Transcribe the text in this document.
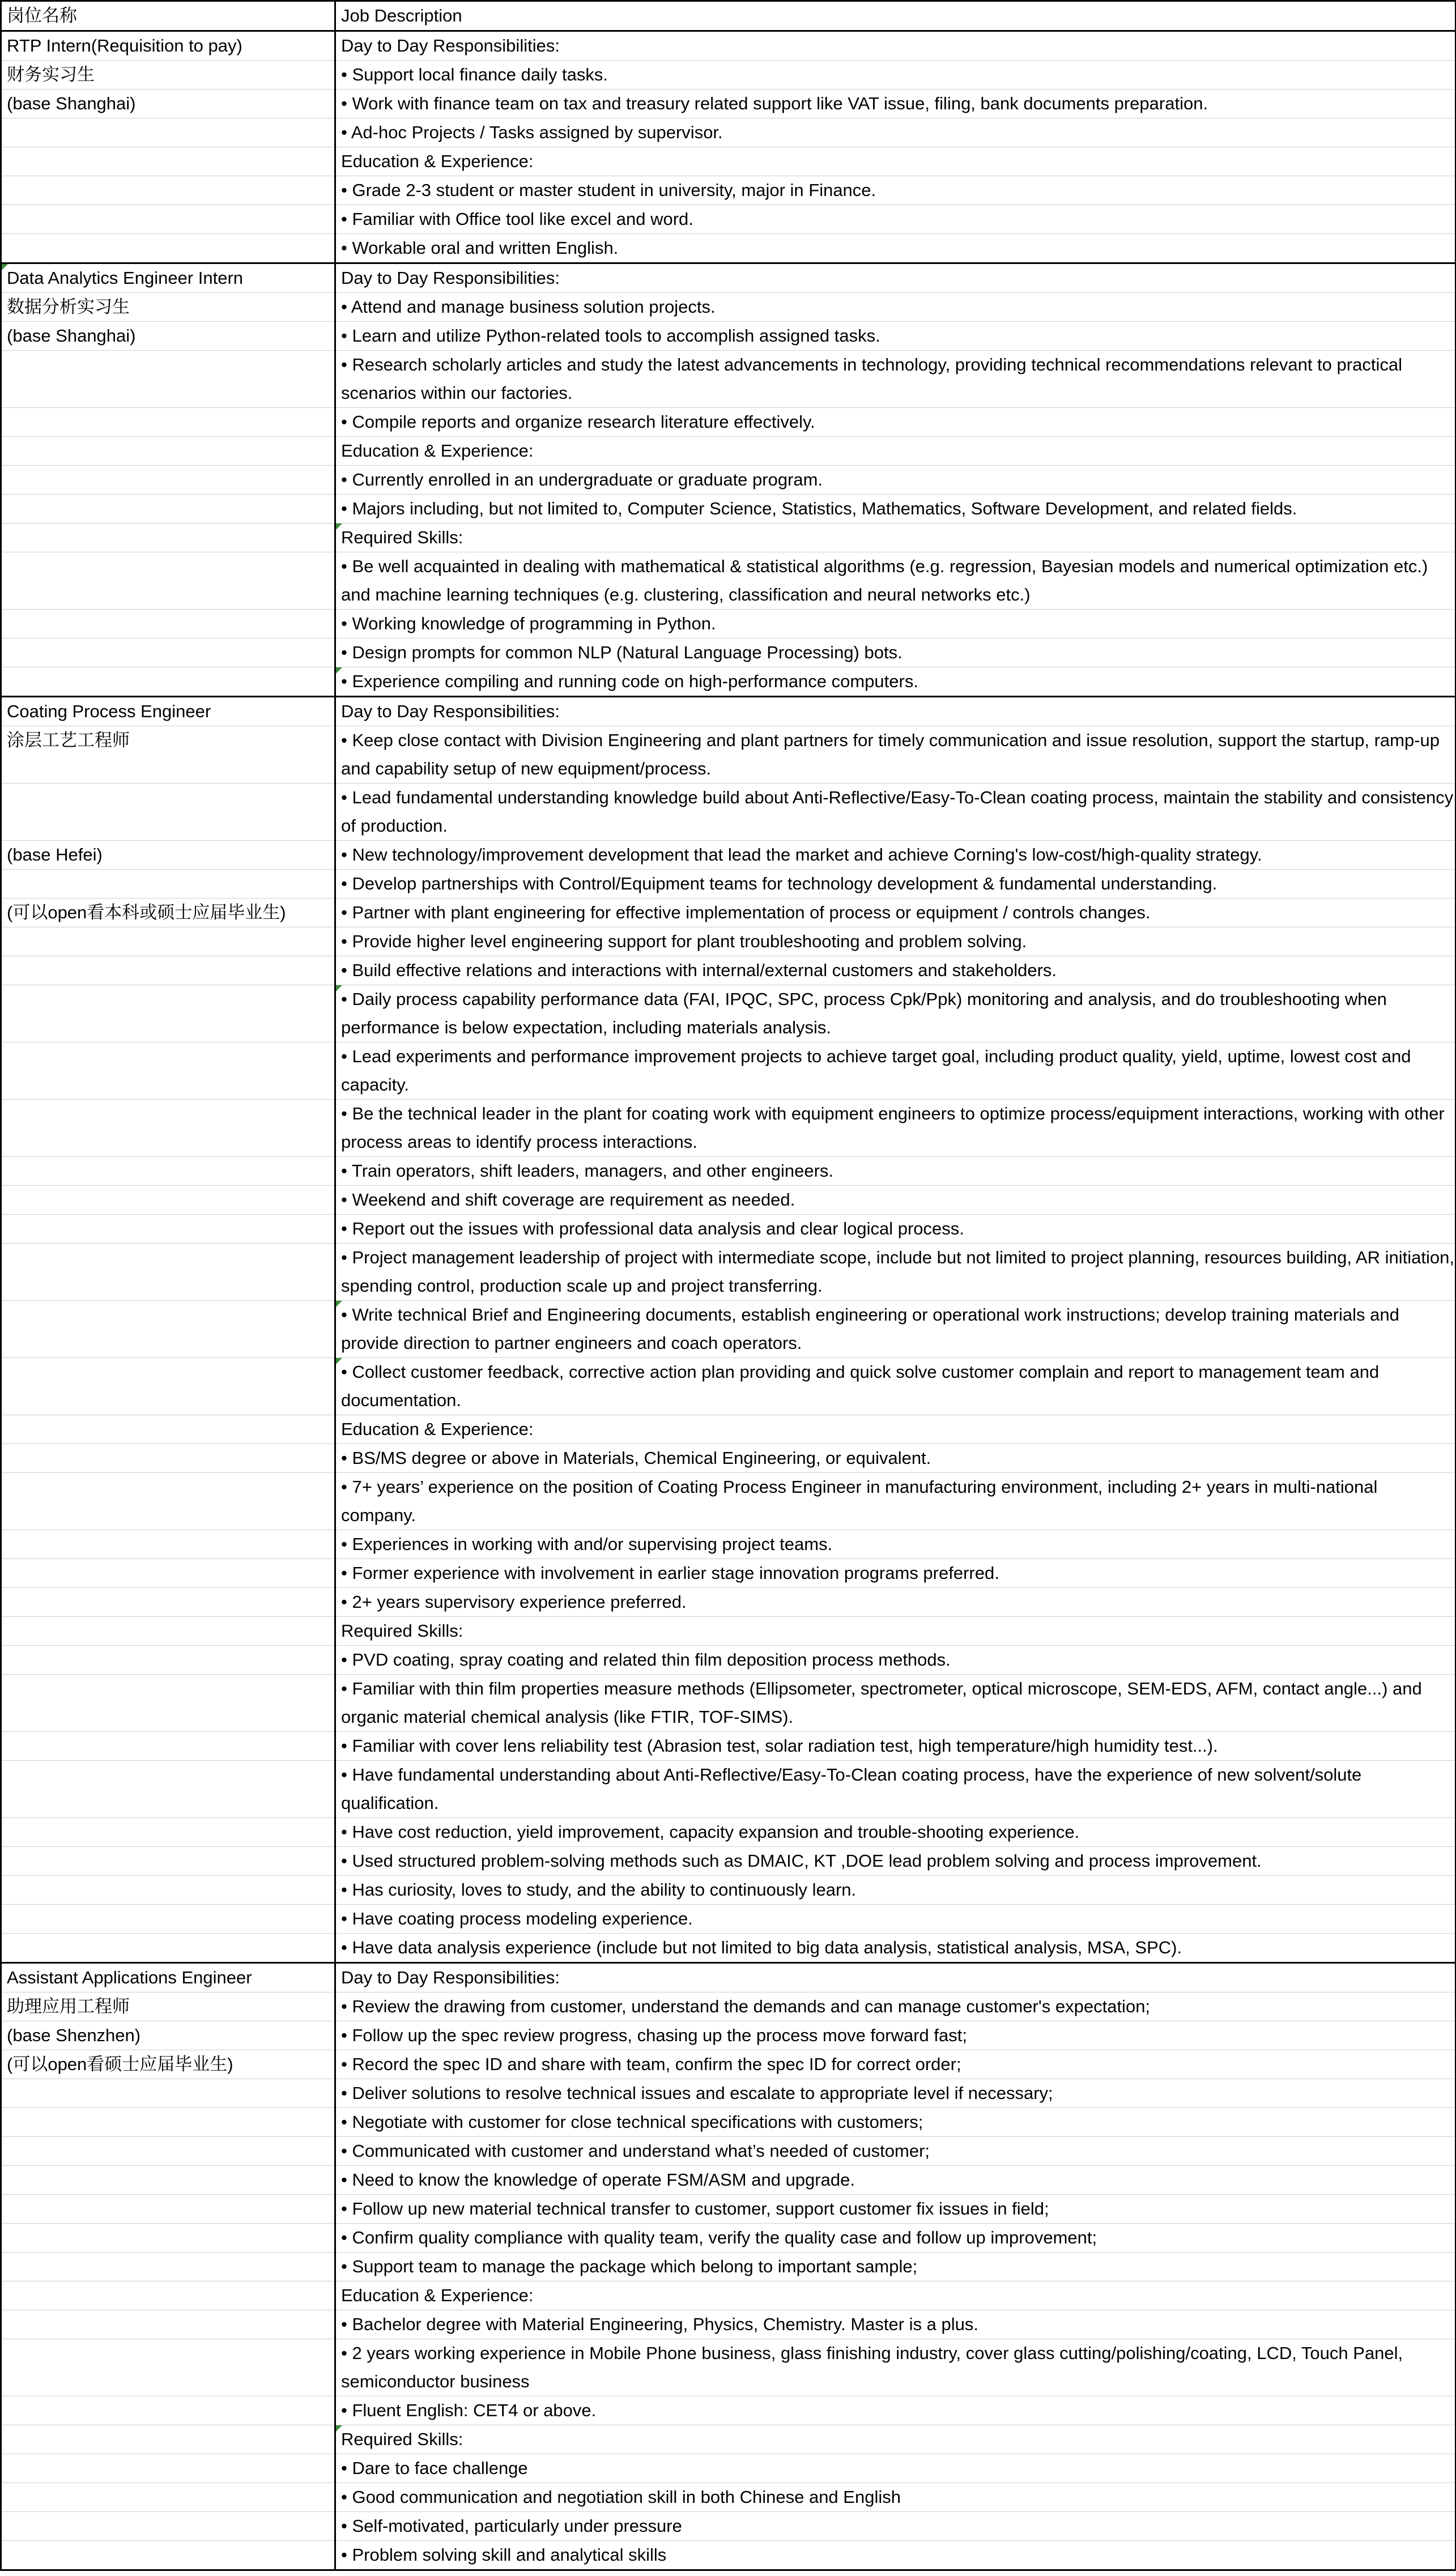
岗位名称	Job Description
RTP Intern(Requisition to pay)	Day to Day Responsibilities:
财务实习生	• Support local finance daily tasks.
(base Shanghai)	• Work with finance team on tax and treasury related support like VAT issue, filing, bank documents preparation.
	• Ad-hoc Projects / Tasks assigned by supervisor.
	Education & Experience:
	• Grade 2-3 student or master student in university, major in Finance.
	• Familiar with Office tool like excel and word.
	• Workable oral and written English.
Data Analytics Engineer Intern	Day to Day Responsibilities:
数据分析实习生	• Attend and manage business solution projects.
(base Shanghai)	• Learn and utilize Python-related tools to accomplish assigned tasks.
	• Research scholarly articles and study the latest advancements in technology, providing technical recommendations relevant to practical scenarios within our factories.
	• Compile reports and organize research literature effectively.
	Education & Experience:
	• Currently enrolled in an undergraduate or graduate program.
	• Majors including, but not limited to, Computer Science, Statistics, Mathematics, Software Development, and related fields.
	Required Skills:
	• Be well acquainted in dealing with mathematical & statistical algorithms (e.g. regression, Bayesian models and numerical optimization etc.) and machine learning techniques (e.g. clustering, classification and neural networks etc.)
	• Working knowledge of programming in Python.
	• Design prompts for common NLP (Natural Language Processing) bots.
	• Experience compiling and running code on high-performance computers.
Coating Process Engineer	Day to Day Responsibilities:
涂层工艺工程师	• Keep close contact with Division Engineering and plant partners for timely communication and issue resolution, support the startup, ramp-up and capability setup of new equipment/process.
	• Lead fundamental understanding knowledge build about Anti-Reflective/Easy-To-Clean coating process, maintain the stability and consistency of production.
(base Hefei)	• New technology/improvement development that lead the market and achieve Corning's low-cost/high-quality strategy.
	• Develop partnerships with Control/Equipment teams for technology development & fundamental understanding.
(可以open看本科或硕士应届毕业生)	• Partner with plant engineering for effective implementation of process or equipment / controls changes.
	• Provide higher level engineering support for plant troubleshooting and problem solving.
	• Build effective relations and interactions with internal/external customers and stakeholders.
	• Daily process capability performance data (FAI, IPQC, SPC, process Cpk/Ppk) monitoring and analysis, and do troubleshooting when performance is below expectation, including materials analysis.
	• Lead experiments and performance improvement projects to achieve target goal, including product quality, yield, uptime, lowest cost and capacity.
	• Be the technical leader in the plant for coating work with equipment engineers to optimize process/equipment interactions, working with other process areas to identify process interactions.
	• Train operators, shift leaders, managers, and other engineers.
	• Weekend and shift coverage are requirement as needed.
	• Report out the issues with professional data analysis and clear logical process.
	• Project management leadership of project with intermediate scope, include but not limited to project planning, resources building, AR initiation, spending control, production scale up and project transferring.
	• Write technical Brief and Engineering documents, establish engineering or operational work instructions; develop training materials and provide direction to partner engineers and coach operators.
	• Collect customer feedback, corrective action plan providing and quick solve customer complain and report to management team and documentation.
	Education & Experience:
	• BS/MS degree or above in Materials, Chemical Engineering, or equivalent.
	• 7+ years’ experience on the position of Coating Process Engineer in manufacturing environment, including 2+ years in multi-national company.
	• Experiences in working with and/or supervising project teams.
	• Former experience with involvement in earlier stage innovation programs preferred.
	• 2+ years supervisory experience preferred.
	Required Skills:
	• PVD coating, spray coating and related thin film deposition process methods.
	• Familiar with thin film properties measure methods (Ellipsometer, spectrometer, optical microscope, SEM-EDS, AFM, contact angle...) and organic material chemical analysis (like FTIR, TOF-SIMS).
	• Familiar with cover lens reliability test (Abrasion test, solar radiation test, high temperature/high humidity test...).
	• Have fundamental understanding about Anti-Reflective/Easy-To-Clean coating process, have the experience of new solvent/solute qualification.
	• Have cost reduction, yield improvement, capacity expansion and trouble-shooting experience.
	• Used structured problem-solving methods such as DMAIC, KT ,DOE lead problem solving and process improvement.
	• Has curiosity, loves to study, and the ability to continuously learn.
	• Have coating process modeling experience.
	• Have data analysis experience (include but not limited to big data analysis, statistical analysis, MSA, SPC).
Assistant Applications Engineer	Day to Day Responsibilities:
助理应用工程师	• Review the drawing from customer, understand the demands and can manage customer's expectation;
(base Shenzhen)	• Follow up the spec review progress, chasing up the process move forward fast;
(可以open看硕士应届毕业生)	• Record the spec ID and share with team, confirm the spec ID for correct order;
	• Deliver solutions to resolve technical issues and escalate to appropriate level if necessary;
	• Negotiate with customer for close technical specifications with customers;
	• Communicated with customer and understand what’s needed of customer;
	• Need to know the knowledge of operate FSM/ASM and upgrade.
	• Follow up new material technical transfer to customer, support customer fix issues in field;
	• Confirm quality compliance with quality team, verify the quality case and follow up improvement;
	• Support team to manage the package which belong to important sample;
	Education & Experience:
	• Bachelor degree with Material Engineering, Physics, Chemistry. Master is a plus.
	• 2 years working experience in Mobile Phone business, glass finishing industry, cover glass cutting/polishing/coating, LCD, Touch Panel, semiconductor business
	• Fluent English: CET4 or above.
	Required Skills:
	• Dare to face challenge
	• Good communication and negotiation skill in both Chinese and English
	• Self-motivated, particularly under pressure
	• Problem solving skill and analytical skills
